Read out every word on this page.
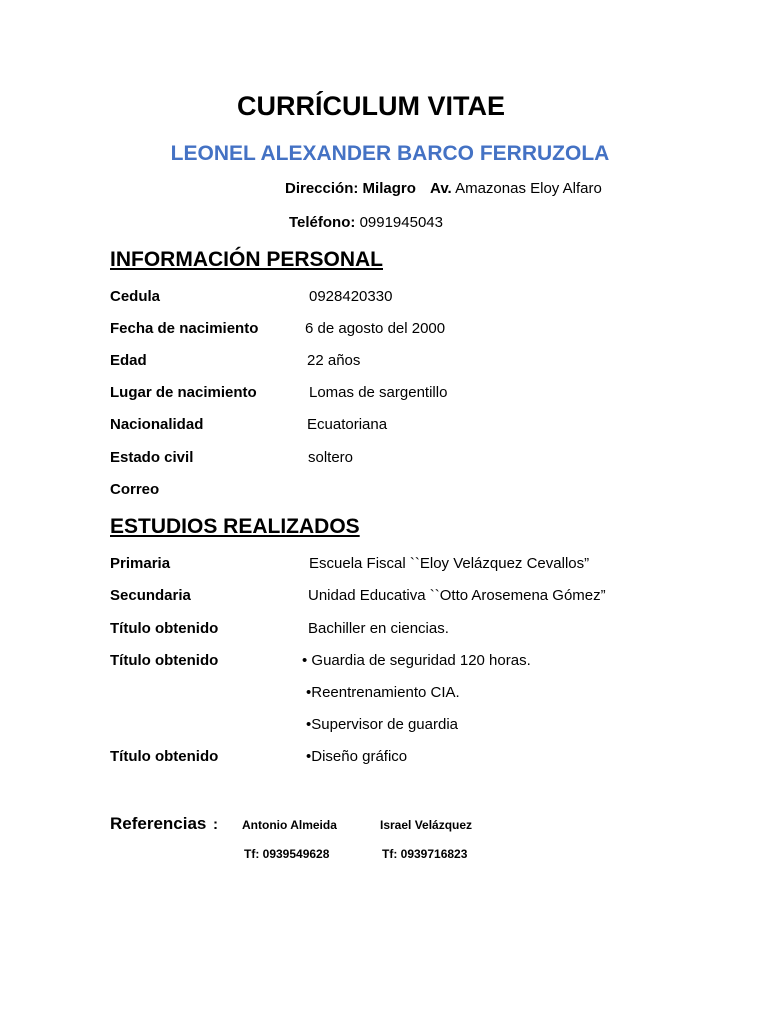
CURRÍCULUM VITAE
LEONEL ALEXANDER BARCO FERRUZOLA
Dirección: Milagro Av. Amazonas Eloy Alfaro
Teléfono: 0991945043
INFORMACIÓN PERSONAL
Cedula	0928420330
Fecha de nacimiento	6 de agosto del 2000
Edad	22 años
Lugar de nacimiento	Lomas de sargentillo
Nacionalidad	Ecuatoriana
Estado civil	soltero
Correo
ESTUDIOS REALIZADOS
Primaria	Escuela Fiscal ``Eloy Velázquez Cevallos”
Secundaria	Unidad Educativa ``Otto Arosemena Gómez”
Título obtenido	Bachiller en ciencias.
Título obtenido	• Guardia de seguridad 120 horas.
•Reentrenamiento CIA.
•Supervisor de guardia
Título obtenido	•Diseño gráfico
Referencias : Antonio Almeida	Israel Velázquez
Tf: 0939549628	Tf: 0939716823
